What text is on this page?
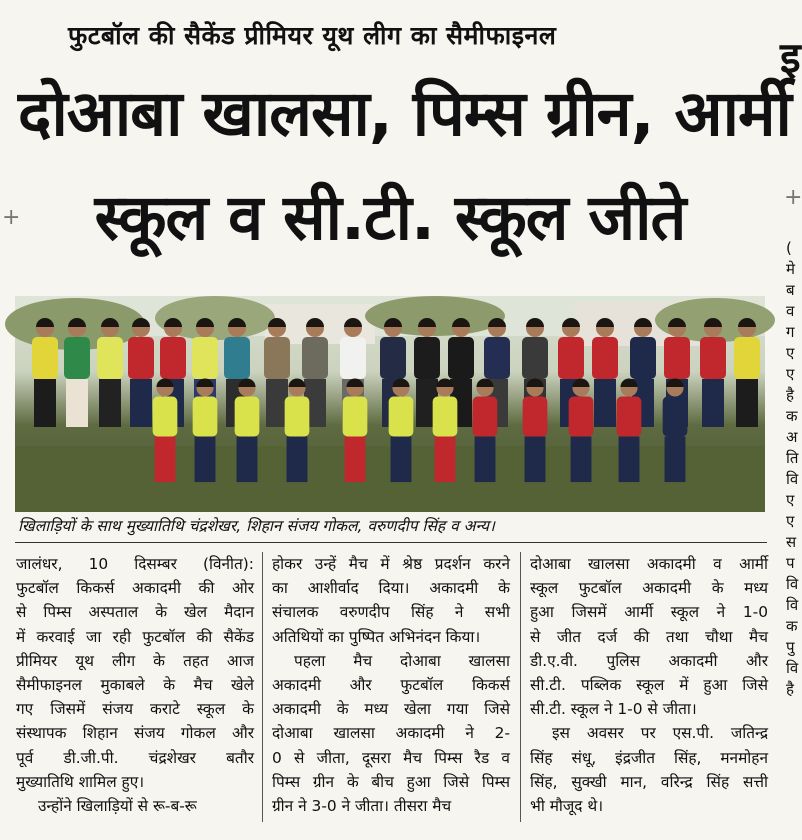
फुटबॉल की सैकेंड प्रीमियर यूथ लीग का सैमीफाइनल
दोआबा खालसा, पिम्स ग्रीन, आर्मी
स्कूल व सी.टी. स्कूल जीते
इ
(
मे
ब
व
ग
ए
ए
है
क
अ
ति
वि
ए
ए
स
प
वि
वि
क
पु
वि
है
+
+
खिलाड़ियों के साथ मुख्यातिथि चंद्रशेखर, शिहान संजय गोकल, वरुणदीप सिंह व अन्य।
जालंधर, 10 दिसम्बर (विनीत):
फुटबॉल किकर्स अकादमी की ओर
से पिम्स अस्पताल के खेल मैदान
में करवाई जा रही फुटबॉल की सैकेंड
प्रीमियर यूथ लीग के तहत आज
सैमीफाइनल मुकाबले के मैच खेले
गए जिसमें संजय कराटे स्कूल के
संस्थापक शिहान संजय गोकल और
पूर्व डी.जी.पी. चंद्रशेखर बतौर
मुख्यातिथि शामिल हुए।
उन्होंने खिलाड़ियों से रू-ब-रू
होकर उन्हें मैच में श्रेष्ठ प्रदर्शन करने
का आशीर्वाद दिया। अकादमी के
संचालक वरुणदीप सिंह ने सभी
अतिथियों का पुष्पित अभिनंदन किया।
पहला मैच दोआबा खालसा
अकादमी और फुटबॉल किकर्स
अकादमी के मध्य खेला गया जिसे
दोआबा खालसा अकादमी ने 2-
0 से जीता, दूसरा मैच पिम्स रैड व
पिम्स ग्रीन के बीच हुआ जिसे पिम्स
ग्रीन ने 3-0 ने जीता। तीसरा मैच
दोआबा खालसा अकादमी व आर्मी
स्कूल फुटबॉल अकादमी के मध्य
हुआ जिसमें आर्मी स्कूल ने 1-0
से जीत दर्ज की तथा चौथा मैच
डी.ए.वी. पुलिस अकादमी और
सी.टी. पब्लिक स्कूल में हुआ जिसे
सी.टी. स्कूल ने 1-0 से जीता।
इस अवसर पर एस.पी. जतिन्द्र
सिंह संधू, इंद्रजीत सिंह, मनमोहन
सिंह, सुक्खी मान, वरिन्द्र सिंह सत्ती
भी मौजूद थे।
